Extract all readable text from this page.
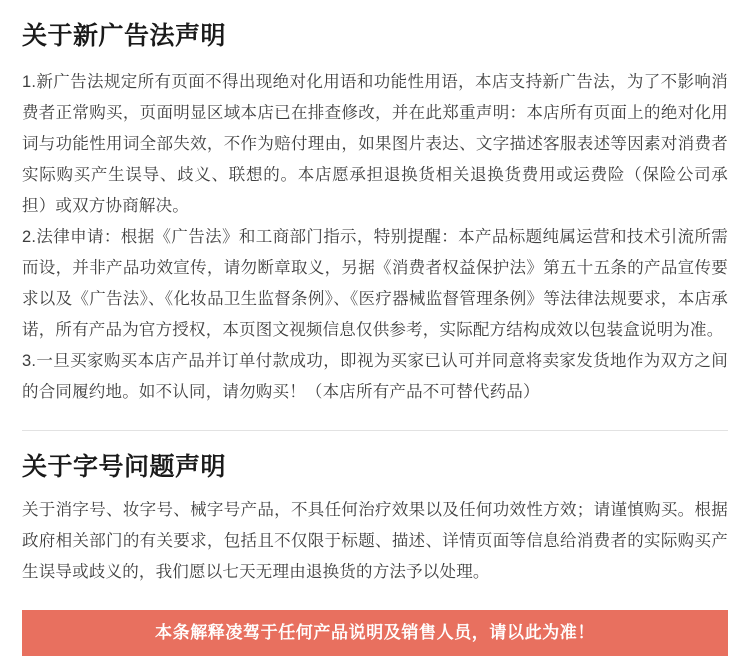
关于新广告法声明

1.新广告法规定所有页面不得出现绝对化用语和功能性用语，本店支持新广告法，为了不影响消费者正常购买，页面明显区域本店已在排查修改，并在此郑重声明：本店所有页面上的绝对化用词与功能性用词全部失效，不作为赔付理由，如果图片表达、文字描述客服表述等因素对消费者实际购买产生误导、歧义、联想的。本店愿承担退换货相关退换货费用或运费险（保险公司承担）或双方协商解决。

2.法律申请：根据《广告法》和工商部门指示，特别提醒：本产品标题纯属运营和技术引流所需而设，并非产品功效宣传，请勿断章取义，另据《消费者权益保护法》第五十五条的产品宣传要求以及《广告法》、《化妆品卫生监督条例》、《医疗器械监督管理条例》等法律法规要求，本店承诺，所有产品为官方授权，本页图文视频信息仅供参考，实际配方结构成效以包装盒说明为准。

3.一旦买家购买本店产品并订单付款成功，即视为买家已认可并同意将卖家发货地作为双方之间的合同履约地。如不认同，请勿购买！（本店所有产品不可替代药品）

关于字号问题声明

关于消字号、妆字号、械字号产品，不具任何治疗效果以及任何功效性方效；请谨慎购买。根据政府相关部门的有关要求，包括且不仅限于标题、描述、详情页面等信息给消费者的实际购买产生误导或歧义的，我们愿以七天无理由退换货的方法予以处理。

本条解释凌驾于任何产品说明及销售人员，请以此为准！
